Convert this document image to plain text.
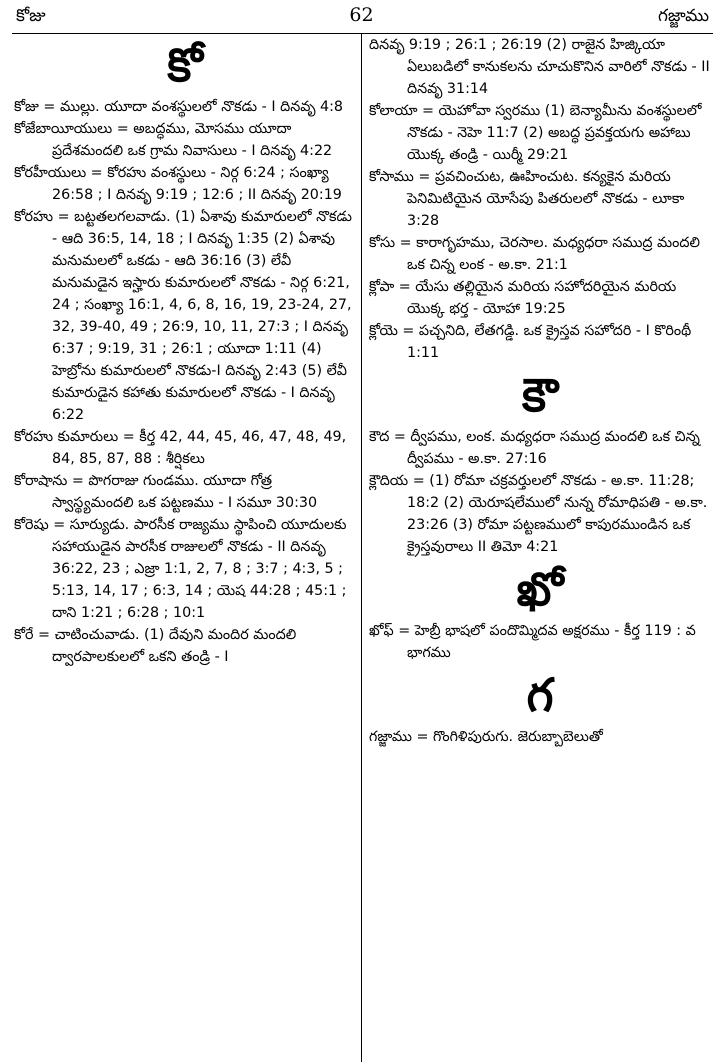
కోజు	62	గజ్జాము
కో
కోజు = ముల్లు. యూదా వంశస్థులలో నొకడు - I దినవృ 4:8
కోజేబాయీయులు = అబద్ధము, మోసము యూదా ప్రదేశమందలి ఒక గ్రామ నివాసులు - I దినవృ 4:22
కోరహీయులు = కోరహు వంశస్థులు - నిర్గ 6:24 ; సంఖ్యా 26:58 ; I దినవృ 9:19 ; 12:6 ; II దినవృ 20:19
కోరహు = బట్టతలగలవాడు. (1) ఏశావు కుమారులలో నొకడు - ఆది 36:5, 14, 18 ; I దినవృ 1:35 (2) ఏశావు మనుమలలో ఒకడు - ఆది 36:16 (3) లేవీ మనుమడైన ఇస్హారు కుమారులలో నొకడు - నిర్గ 6:21, 24 ; సంఖ్యా 16:1, 4, 6, 8, 16, 19, 23-24, 27, 32, 39-40, 49 ; 26:9, 10, 11, 27:3 ; I దినవృ 6:37 ; 9:19, 31 ; 26:1 ; యూదా 1:11 (4) హెబ్రోను కుమారులలో నొకడు-I దినవృ 2:43 (5) లేవీ కుమారుడైన కహాతు కుమారులలో నొకడు - I దినవృ 6:22
కోరహు కుమారులు = కీర్త 42, 44, 45, 46, 47, 48, 49, 84, 85, 87, 88 : శీర్షికలు
కోరాషాను = పొగరాజు గుండము. యూదా గోత్ర స్వాస్థ్యమందలి ఒక పట్టణము - I సమూ 30:30
కోరెషు = సూర్యుడు. పారసీక రాజ్యము స్థాపించి యూదులకు సహాయుడైన పారసీక రాజులలో నొకడు - II దినవృ 36:22, 23 ; ఎజ్రా 1:1, 2, 7, 8 ; 3:7 ; 4:3, 5 ; 5:13, 14, 17 ; 6:3, 14 ; యెష 44:28 ; 45:1 ; దాని 1:21 ; 6:28 ; 10:1
కోరే = చాటించువాడు. (1) దేవుని మందిర మందలి ద్వారపాలకులలో ఒకని తండ్రి - I
దినవృ 9:19 ; 26:1 ; 26:19 (2) రాజైన హిజ్కియా ఏలుబడిలో కానుకలను చూచుకొనిన వారిలో నొకడు - II దినవృ 31:14
కోలాయా = యెహోవా స్వరము (1) బెన్యామీను వంశస్థులలో నొకడు - నెహె 11:7 (2) అబద్ధ ప్రవక్తయగు అహాబు యొక్క తండ్రి - యిర్మీ 29:21
కోసాము = ప్రవచించుట, ఊహించుట. కన్యకైన మరియ పెనిమిటియైన యోసేపు పితరులలో నొకడు - లూకా 3:28
కోసు = కారాగృహము, చెరసాల. మధ్యధరా సముద్ర మందలి ఒక చిన్న లంక - అ.కా. 21:1
క్లోపా = యేసు తల్లియైన మరియ సహోదరియైన మరియ యొక్క భర్త - యోహా 19:25
క్లోయె = పచ్చనిది, లేతగడ్డి. ఒక క్రైస్తవ సహోదరి - I కొరింథీ 1:11
కౌ
కౌద = ద్వీపము, లంక. మధ్యధరా సముద్ర మందలి ఒక చిన్న ద్వీపము - అ.కా. 27:16
క్లౌదియ = (1) రోమా చక్రవర్తులలో నొకడు - అ.కా. 11:28; 18:2 (2) యెరూషలేములో నున్న రోమాధిపతి - అ.కా. 23:26 (3) రోమా పట్టణములో కాపురముండిన ఒక క్రైస్తవురాలు II తిమో 4:21
ఖో
ఖోఫ్ = హెబ్రీ భాషలో పందొమ్మిదవ అక్షరము - కీర్త 119 : వ భాగము
గ
గజ్జాము = గొంగిళిపురుగు. జెరుబ్బాబెలుతో
